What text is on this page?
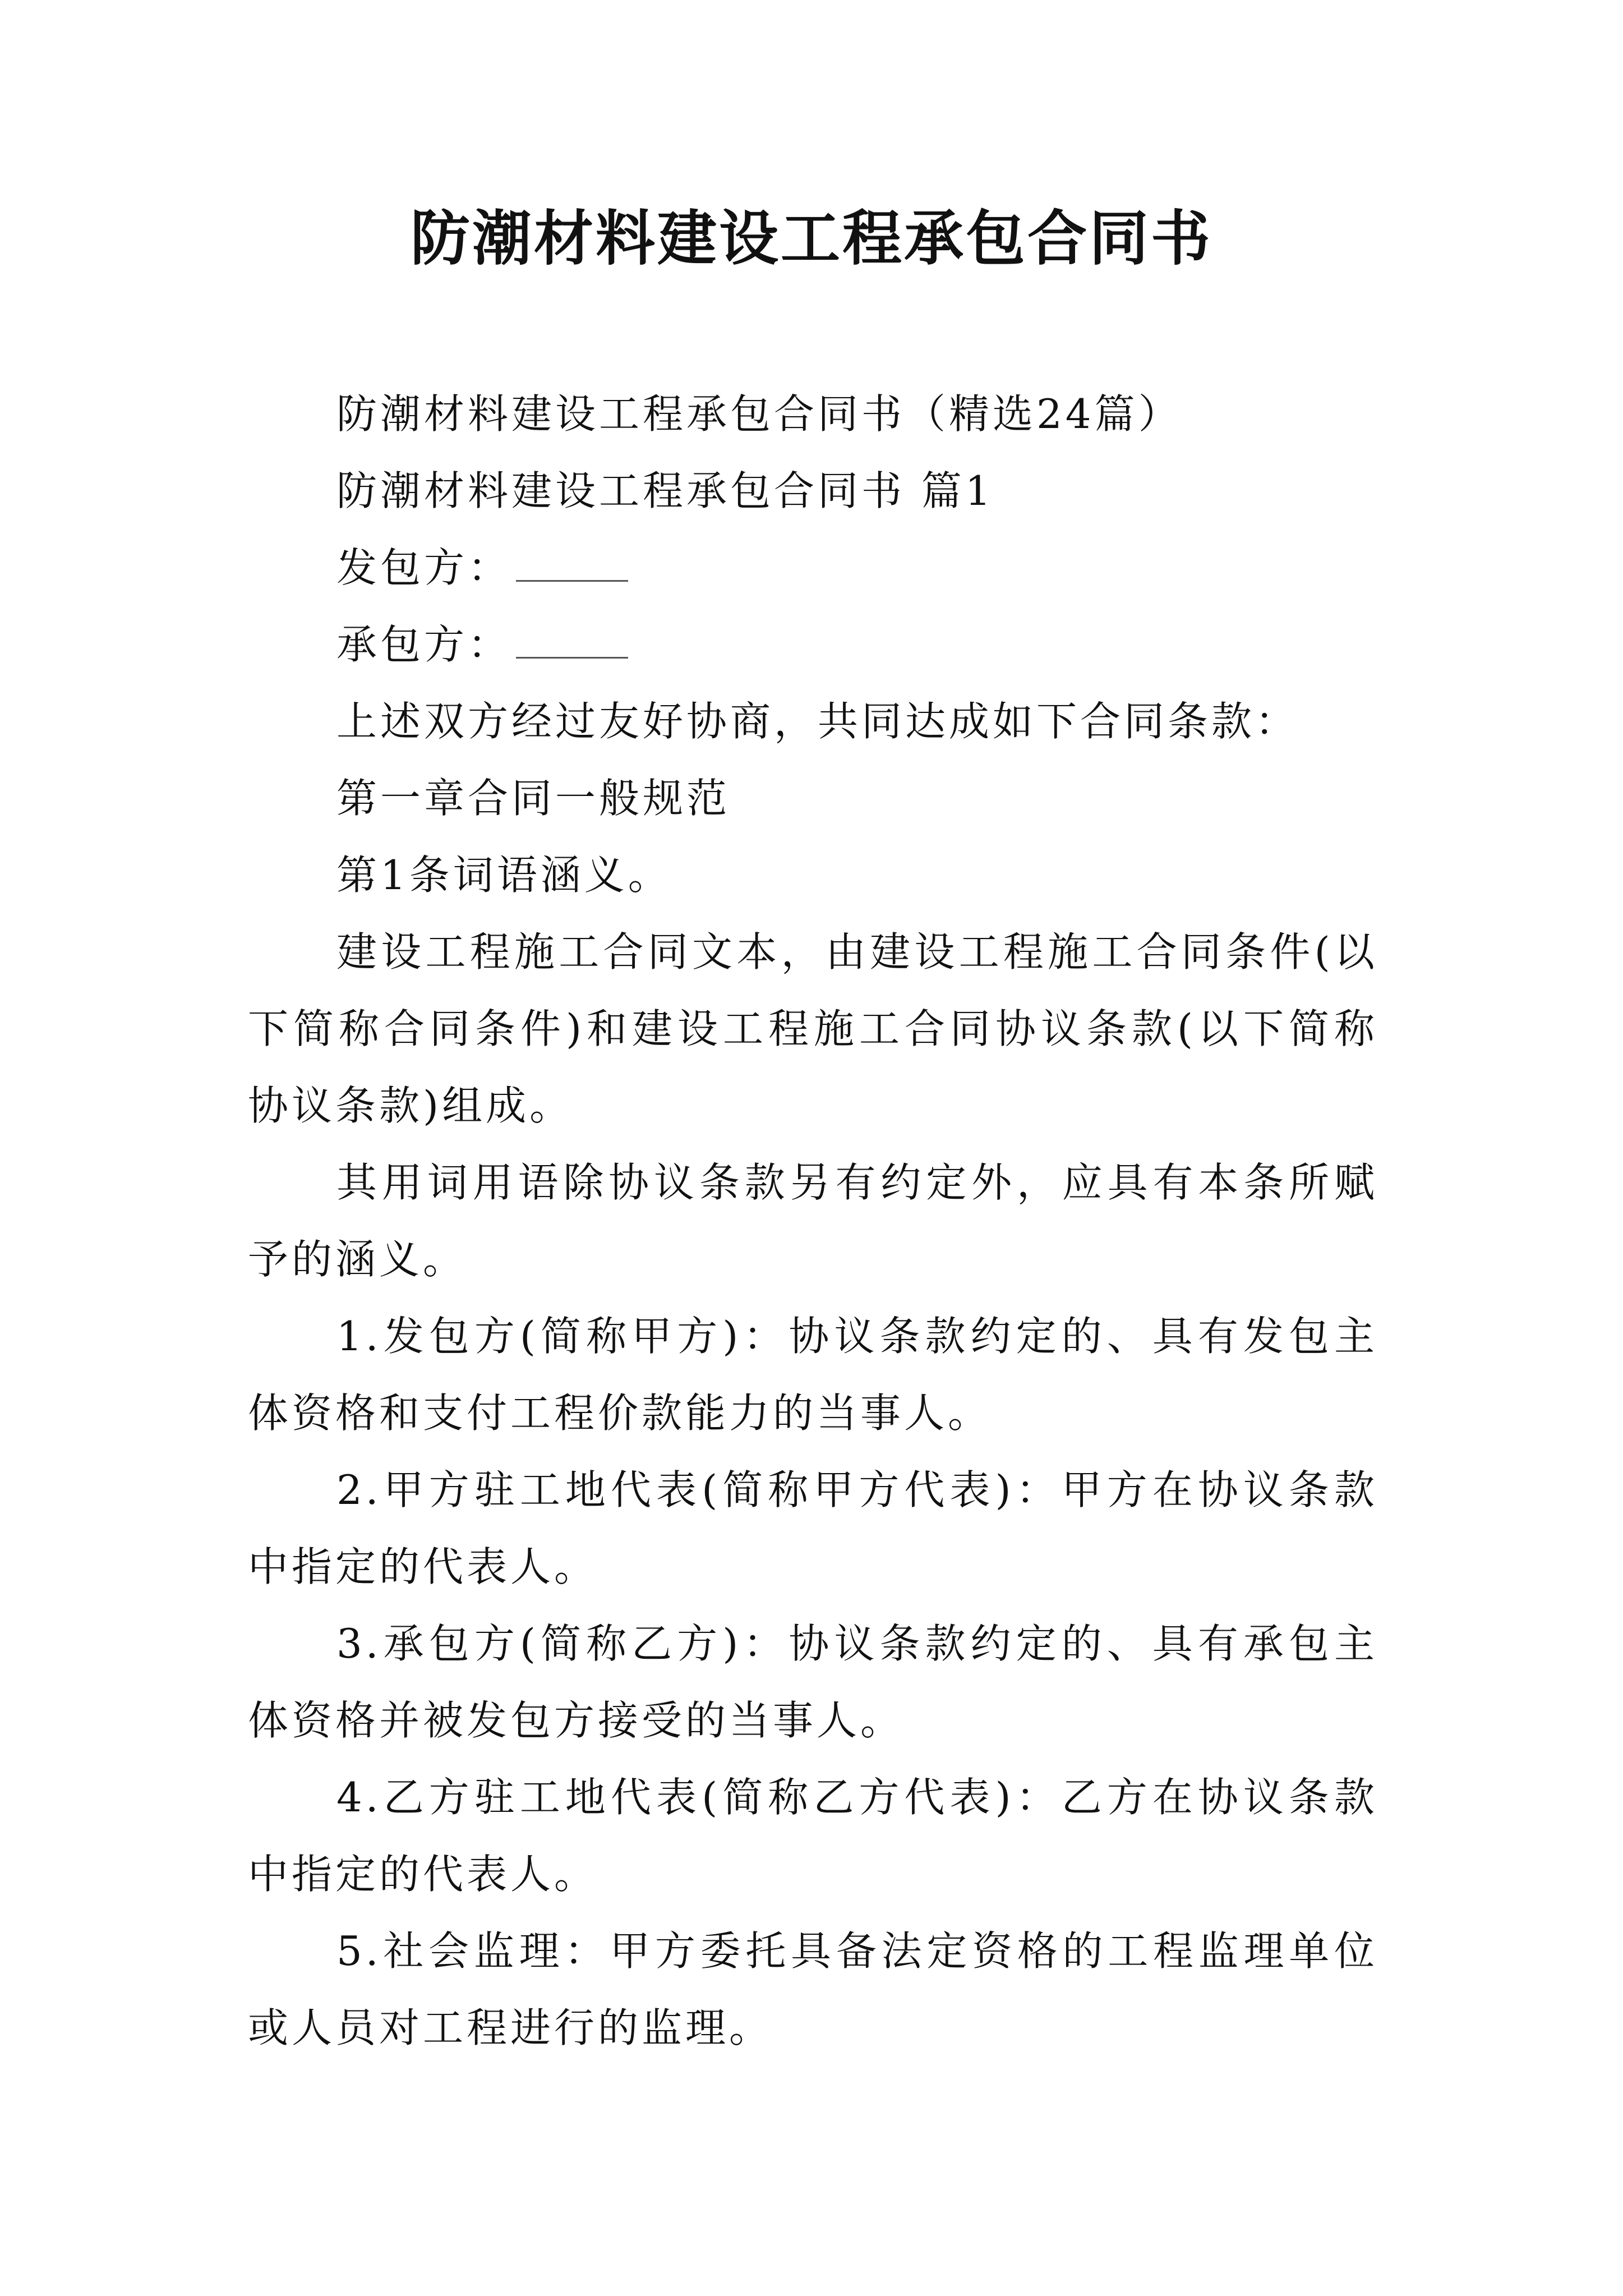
防潮材料建设工程承包合同书

防潮材料建设工程承包合同书（精选24篇）

防潮材料建设工程承包合同书 篇1

发包方：

承包方：

上述双方经过友好协商，共同达成如下合同条款：

第一章合同一般规范

第1条词语涵义。

建设工程施工合同文本，由建设工程施工合同条件(以下简称合同条件)和建设工程施工合同协议条款(以下简称协议条款)组成。

其用词用语除协议条款另有约定外，应具有本条所赋予的涵义。

1.发包方(简称甲方)：协议条款约定的、具有发包主体资格和支付工程价款能力的当事人。

2.甲方驻工地代表(简称甲方代表)：甲方在协议条款中指定的代表人。

3.承包方(简称乙方)：协议条款约定的、具有承包主体资格并被发包方接受的当事人。

4.乙方驻工地代表(简称乙方代表)：乙方在协议条款中指定的代表人。

5.社会监理：甲方委托具备法定资格的工程监理单位或人员对工程进行的监理。
